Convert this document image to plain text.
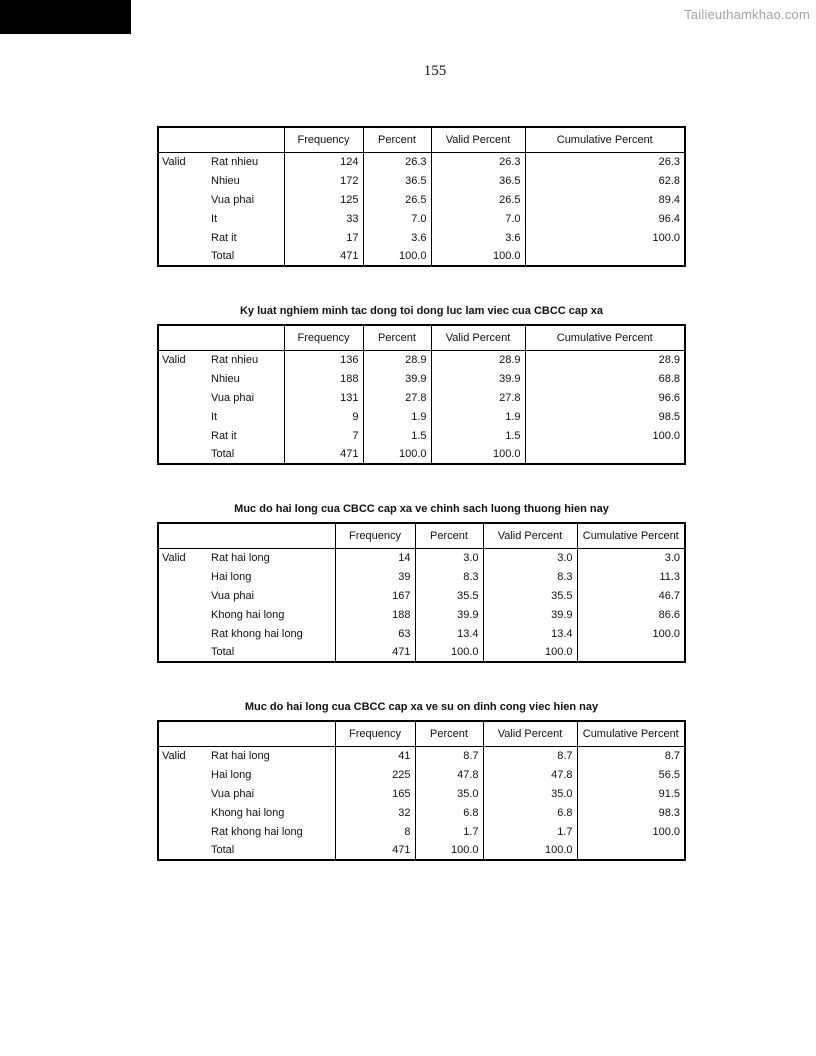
Tailieuthamkhao.com
155
		Frequency	Percent	Valid Percent	Cumulative Percent
Valid	Rat nhieu	124	26.3	26.3	26.3
	Nhieu	172	36.5	36.5	62.8
	Vua phai	125	26.5	26.5	89.4
	It	33	7.0	7.0	96.4
	Rat it	17	3.6	3.6	100.0
	Total	471	100.0	100.0	
Ky luat nghiem minh tac dong toi dong luc lam viec cua CBCC cap xa
		Frequency	Percent	Valid Percent	Cumulative Percent
Valid	Rat nhieu	136	28.9	28.9	28.9
	Nhieu	188	39.9	39.9	68.8
	Vua phai	131	27.8	27.8	96.6
	It	9	1.9	1.9	98.5
	Rat it	7	1.5	1.5	100.0
	Total	471	100.0	100.0	
Muc do hai long cua CBCC cap xa ve chinh sach luong thuong hien nay
		Frequency	Percent	Valid Percent	Cumulative Percent
Valid	Rat hai long	14	3.0	3.0	3.0
	Hai long	39	8.3	8.3	11.3
	Vua phai	167	35.5	35.5	46.7
	Khong hai long	188	39.9	39.9	86.6
	Rat khong hai long	63	13.4	13.4	100.0
	Total	471	100.0	100.0	
Muc do hai long cua CBCC cap xa ve su on dinh cong viec hien nay
		Frequency	Percent	Valid Percent	Cumulative Percent
Valid	Rat hai long	41	8.7	8.7	8.7
	Hai long	225	47.8	47.8	56.5
	Vua phai	165	35.0	35.0	91.5
	Khong hai long	32	6.8	6.8	98.3
	Rat khong hai long	8	1.7	1.7	100.0
	Total	471	100.0	100.0	
